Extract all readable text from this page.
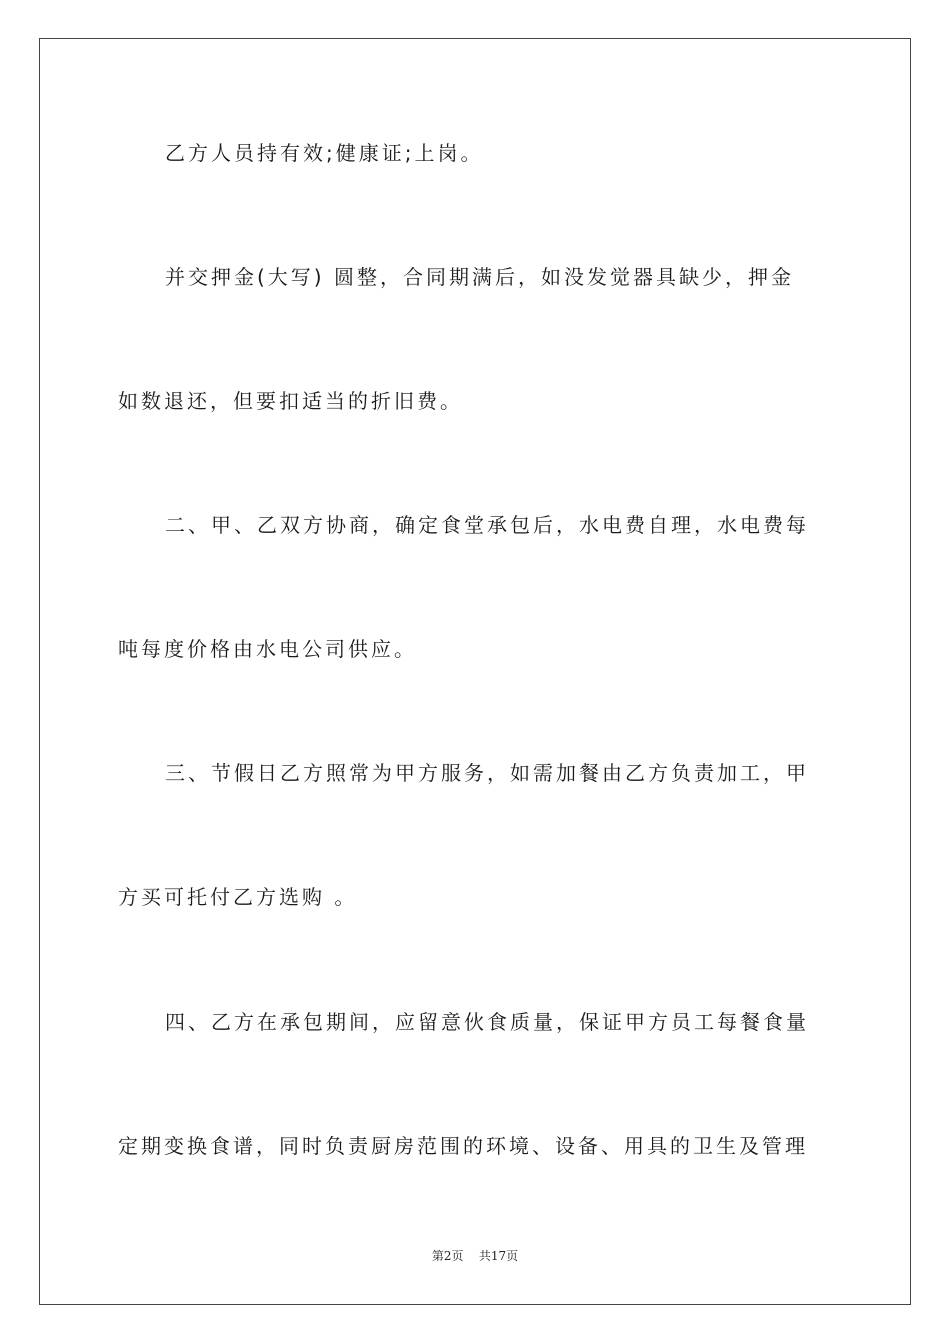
乙方人员持有效;健康证;上岗。
并交押金(大写) 圆整，合同期满后，如没发觉器具缺少，押金
如数退还，但要扣适当的折旧费。
二、甲、乙双方协商，确定食堂承包后，水电费自理，水电费每
吨每度价格由水电公司供应。
三、节假日乙方照常为甲方服务，如需加餐由乙方负责加工，甲
方买可托付乙方选购 。
四、乙方在承包期间，应留意伙食质量，保证甲方员工每餐食量
定期变换食谱，同时负责厨房范围的环境、设备、用具的卫生及管理
第2页 共17页
